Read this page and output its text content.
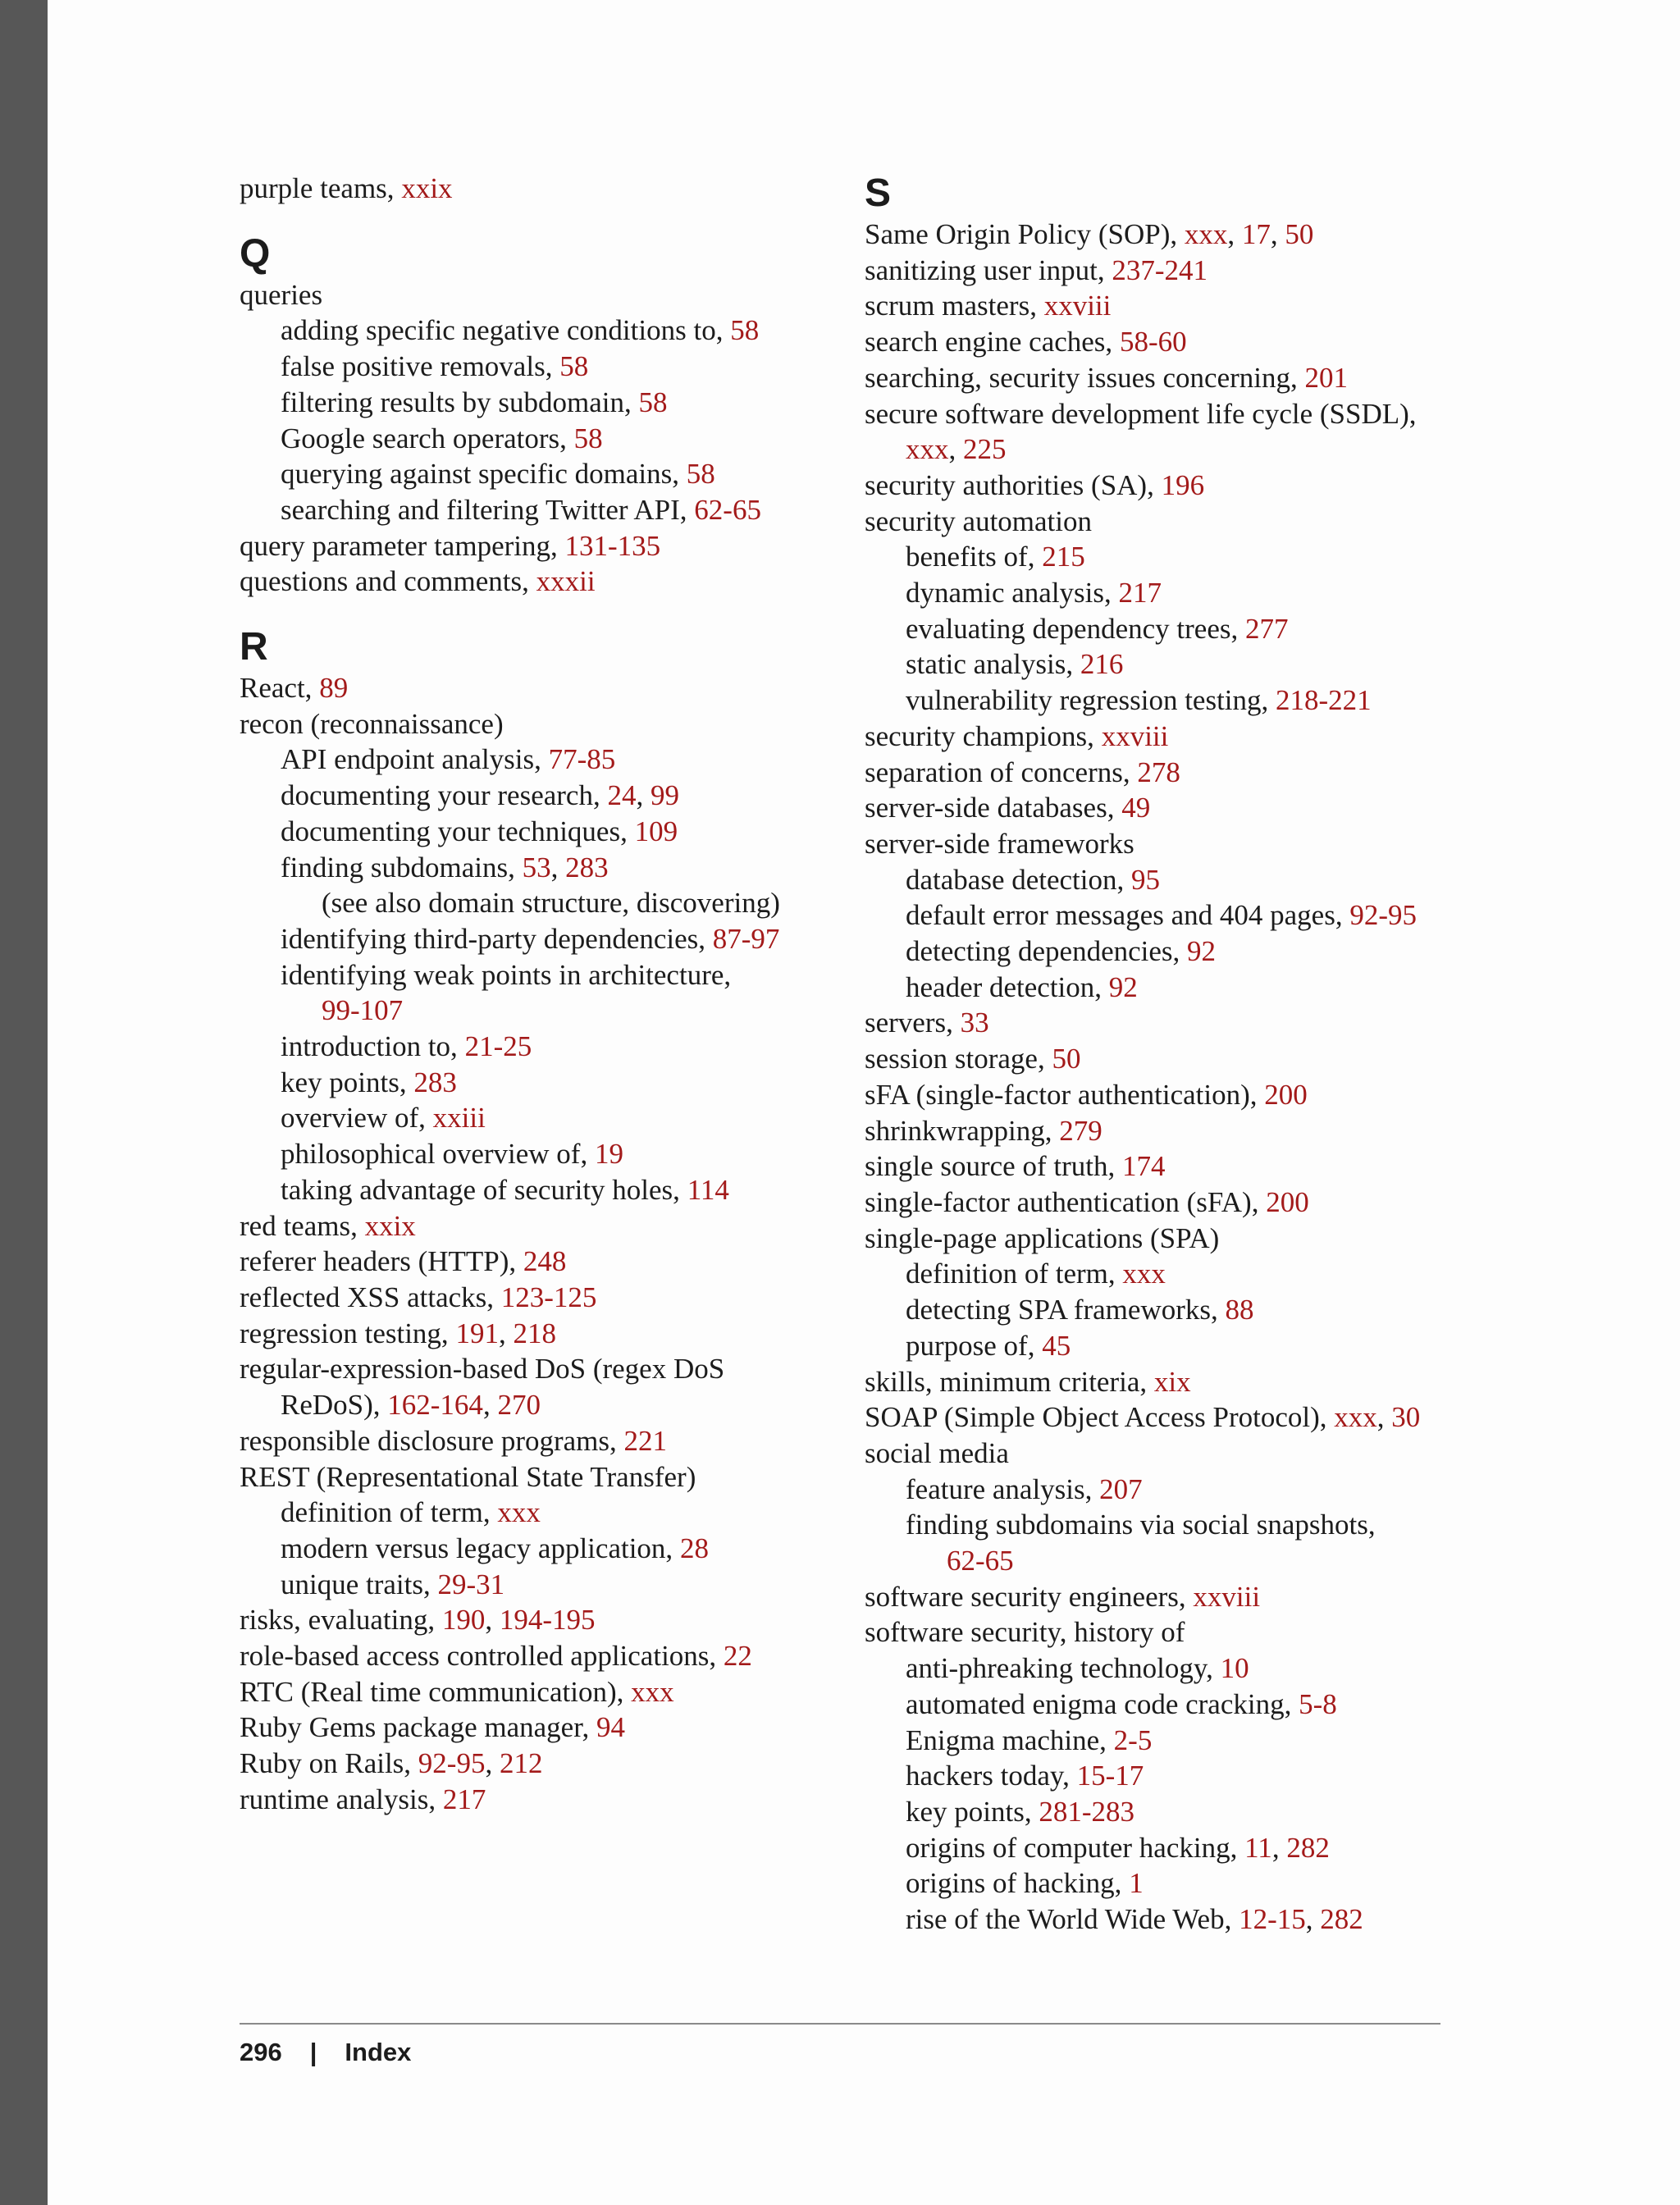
purple teams, xxix
Q
queries
adding specific negative conditions to, 58
false positive removals, 58
filtering results by subdomain, 58
Google search operators, 58
querying against specific domains, 58
searching and filtering Twitter API, 62-65
query parameter tampering, 131-135
questions and comments, xxxii
R
React, 89
recon (reconnaissance)
API endpoint analysis, 77-85
documenting your research, 24, 99
documenting your techniques, 109
finding subdomains, 53, 283
(see also domain structure, discovering)
identifying third-party dependencies, 87-97
identifying weak points in architecture,
99-107
introduction to, 21-25
key points, 283
overview of, xxiii
philosophical overview of, 19
taking advantage of security holes, 114
red teams, xxix
referer headers (HTTP), 248
reflected XSS attacks, 123-125
regression testing, 191, 218
regular-expression-based DoS (regex DoS
ReDoS), 162-164, 270
responsible disclosure programs, 221
REST (Representational State Transfer)
definition of term, xxx
modern versus legacy application, 28
unique traits, 29-31
risks, evaluating, 190, 194-195
role-based access controlled applications, 22
RTC (Real time communication), xxx
Ruby Gems package manager, 94
Ruby on Rails, 92-95, 212
runtime analysis, 217
S
Same Origin Policy (SOP), xxx, 17, 50
sanitizing user input, 237-241
scrum masters, xxviii
search engine caches, 58-60
searching, security issues concerning, 201
secure software development life cycle (SSDL),
xxx, 225
security authorities (SA), 196
security automation
benefits of, 215
dynamic analysis, 217
evaluating dependency trees, 277
static analysis, 216
vulnerability regression testing, 218-221
security champions, xxviii
separation of concerns, 278
server-side databases, 49
server-side frameworks
database detection, 95
default error messages and 404 pages, 92-95
detecting dependencies, 92
header detection, 92
servers, 33
session storage, 50
sFA (single-factor authentication), 200
shrinkwrapping, 279
single source of truth, 174
single-factor authentication (sFA), 200
single-page applications (SPA)
definition of term, xxx
detecting SPA frameworks, 88
purpose of, 45
skills, minimum criteria, xix
SOAP (Simple Object Access Protocol), xxx, 30
social media
feature analysis, 207
finding subdomains via social snapshots,
62-65
software security engineers, xxviii
software security, history of
anti-phreaking technology, 10
automated enigma code cracking, 5-8
Enigma machine, 2-5
hackers today, 15-17
key points, 281-283
origins of computer hacking, 11, 282
origins of hacking, 1
rise of the World Wide Web, 12-15, 282
296 | Index
